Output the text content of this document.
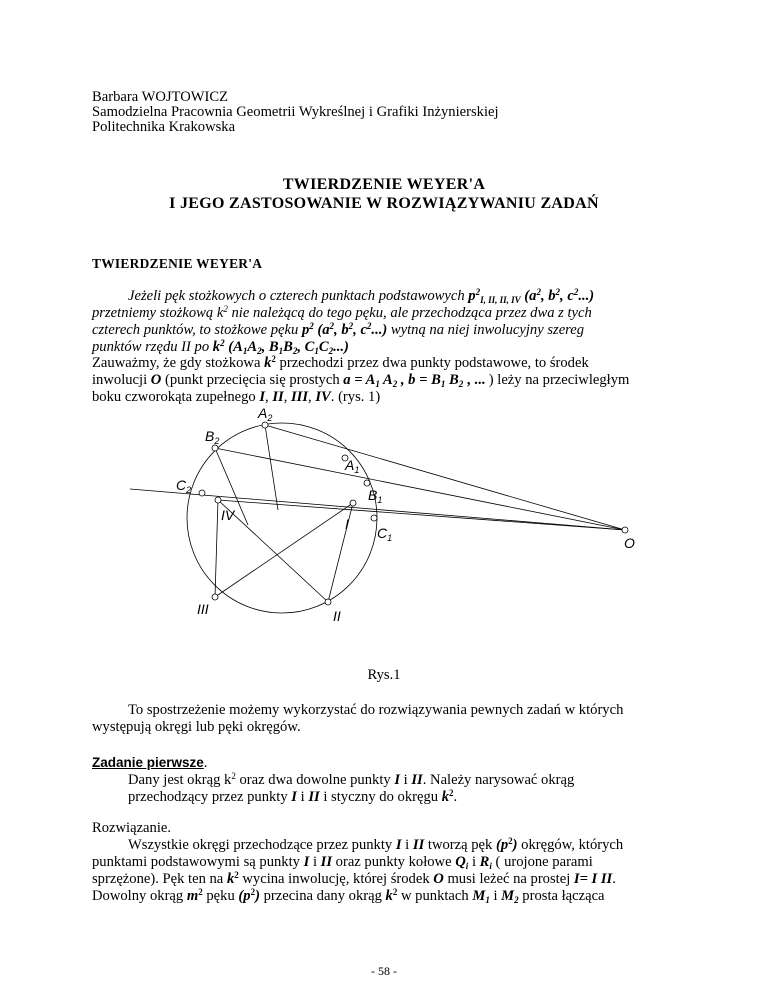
Barbara WOJTOWICZ
Samodzielna Pracownia Geometrii Wykreślnej i Grafiki Inżynierskiej
Politechnika Krakowska
TWIERDZENIE WEYER'A
I JEGO ZASTOSOWANIE W ROZWIĄZYWANIU ZADAŃ
TWIERDZENIE WEYER'A
Jeżeli pęk stożkowych o czterech punktach podstawowych $p^2_{I, II, II, IV}$ ($a^2$, $b^2$, $c^2$...)
przetniemy stożkową $k^2$ nie należącą do tego pęku, ale przechodząca przez dwa z tych
czterech punktów, to stożkowe pęku $p^2$ ($a^2$, $b^2$, $c^2$...) wytną na niej inwolucyjny szereg
punktów rzędu II po $k^2$ ($A_1A_2$, $B_1B_2$, $C_1C_2$...)
Zauważmy, że gdy stożkowa $k^2$ przechodzi przez dwa punkty podstawowe, to środek
inwolucji O (punkt przecięcia się prostych $a = A_1$ $A_2$ , $b = B_1$ $B_2$ , ... ) leży na przeciwległym
boku czworokąta zupełnego I, II, III, IV. (rys. 1)
$A_2$
$B_2$
$A_1$
$C_2$	$B_1$
IV
I
$C_1$	O
III	II
Rys.1
To spostrzeżenie możemy wykorzystać do rozwiązywania pewnych zadań w których
występują okręgi lub pęki okręgów.
Zadanie pierwsze.
Dany jest okrąg $k^2$ oraz dwa dowolne punkty I i II. Należy narysować okrąg
przechodzący przez punkty I i II i styczny do okręgu $k^2$.
Rozwiązanie.
Wszystkie okręgi przechodzące przez punkty I i II tworzą pęk $(p^2)$ okręgów, których
punktami podstawowymi są punkty I i II oraz punkty kołowe $Q_i$ i $R_i$ ( urojone parami
sprzężone). Pęk ten na $k^2$ wycina inwolucję, której środek O musi leżeć na prostej I= I II.
Dowolny okrąg $m^2$ pęku $(p^2)$ przecina dany okrąg $k^2$ w punktach $M_1$ i $M_2$ prosta łącząca
- 58 -
